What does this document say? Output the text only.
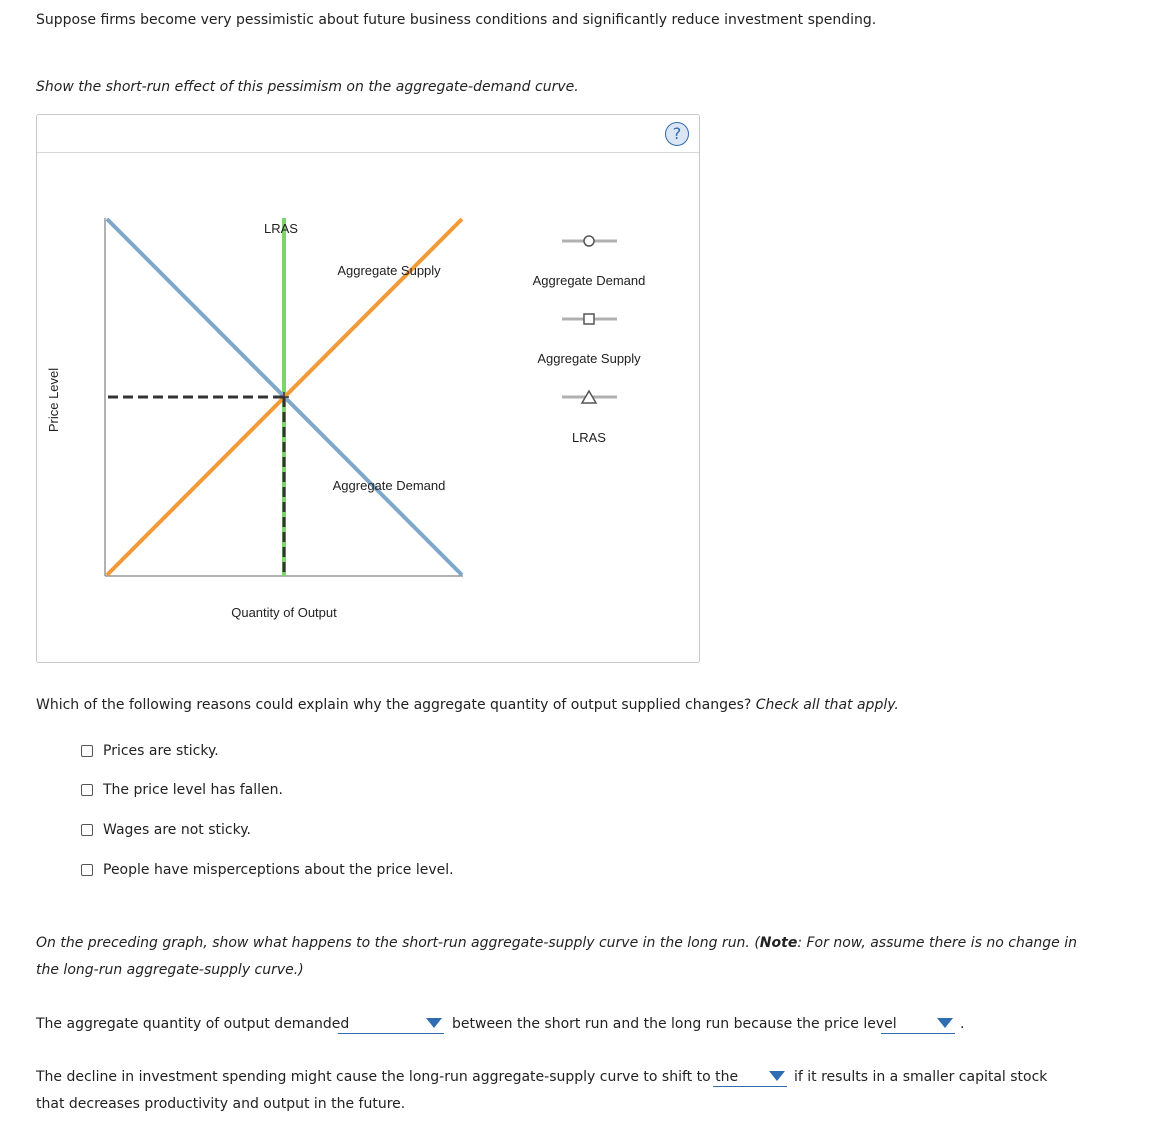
Suppose firms become very pessimistic about future business conditions and significantly reduce investment spending.
Show the short-run effect of this pessimism on the aggregate-demand curve.
?
LRAS
Aggregate Supply
Aggregate Demand
Quantity of Output
Price Level
Aggregate Demand
Aggregate Supply
LRAS
Which of the following reasons could explain why the aggregate quantity of output supplied changes? Check all that apply.
Prices are sticky.
The price level has fallen.
Wages are not sticky.
People have misperceptions about the price level.
On the preceding graph, show what happens to the short-run aggregate-supply curve in the long run. (Note: For now, assume there is no change in
the long-run aggregate-supply curve.)
The aggregate quantity of output demanded	between the short run and the long run because the price level	.
The decline in investment spending might cause the long-run aggregate-supply curve to shift to the	if it results in a smaller capital stock
that decreases productivity and output in the future.
